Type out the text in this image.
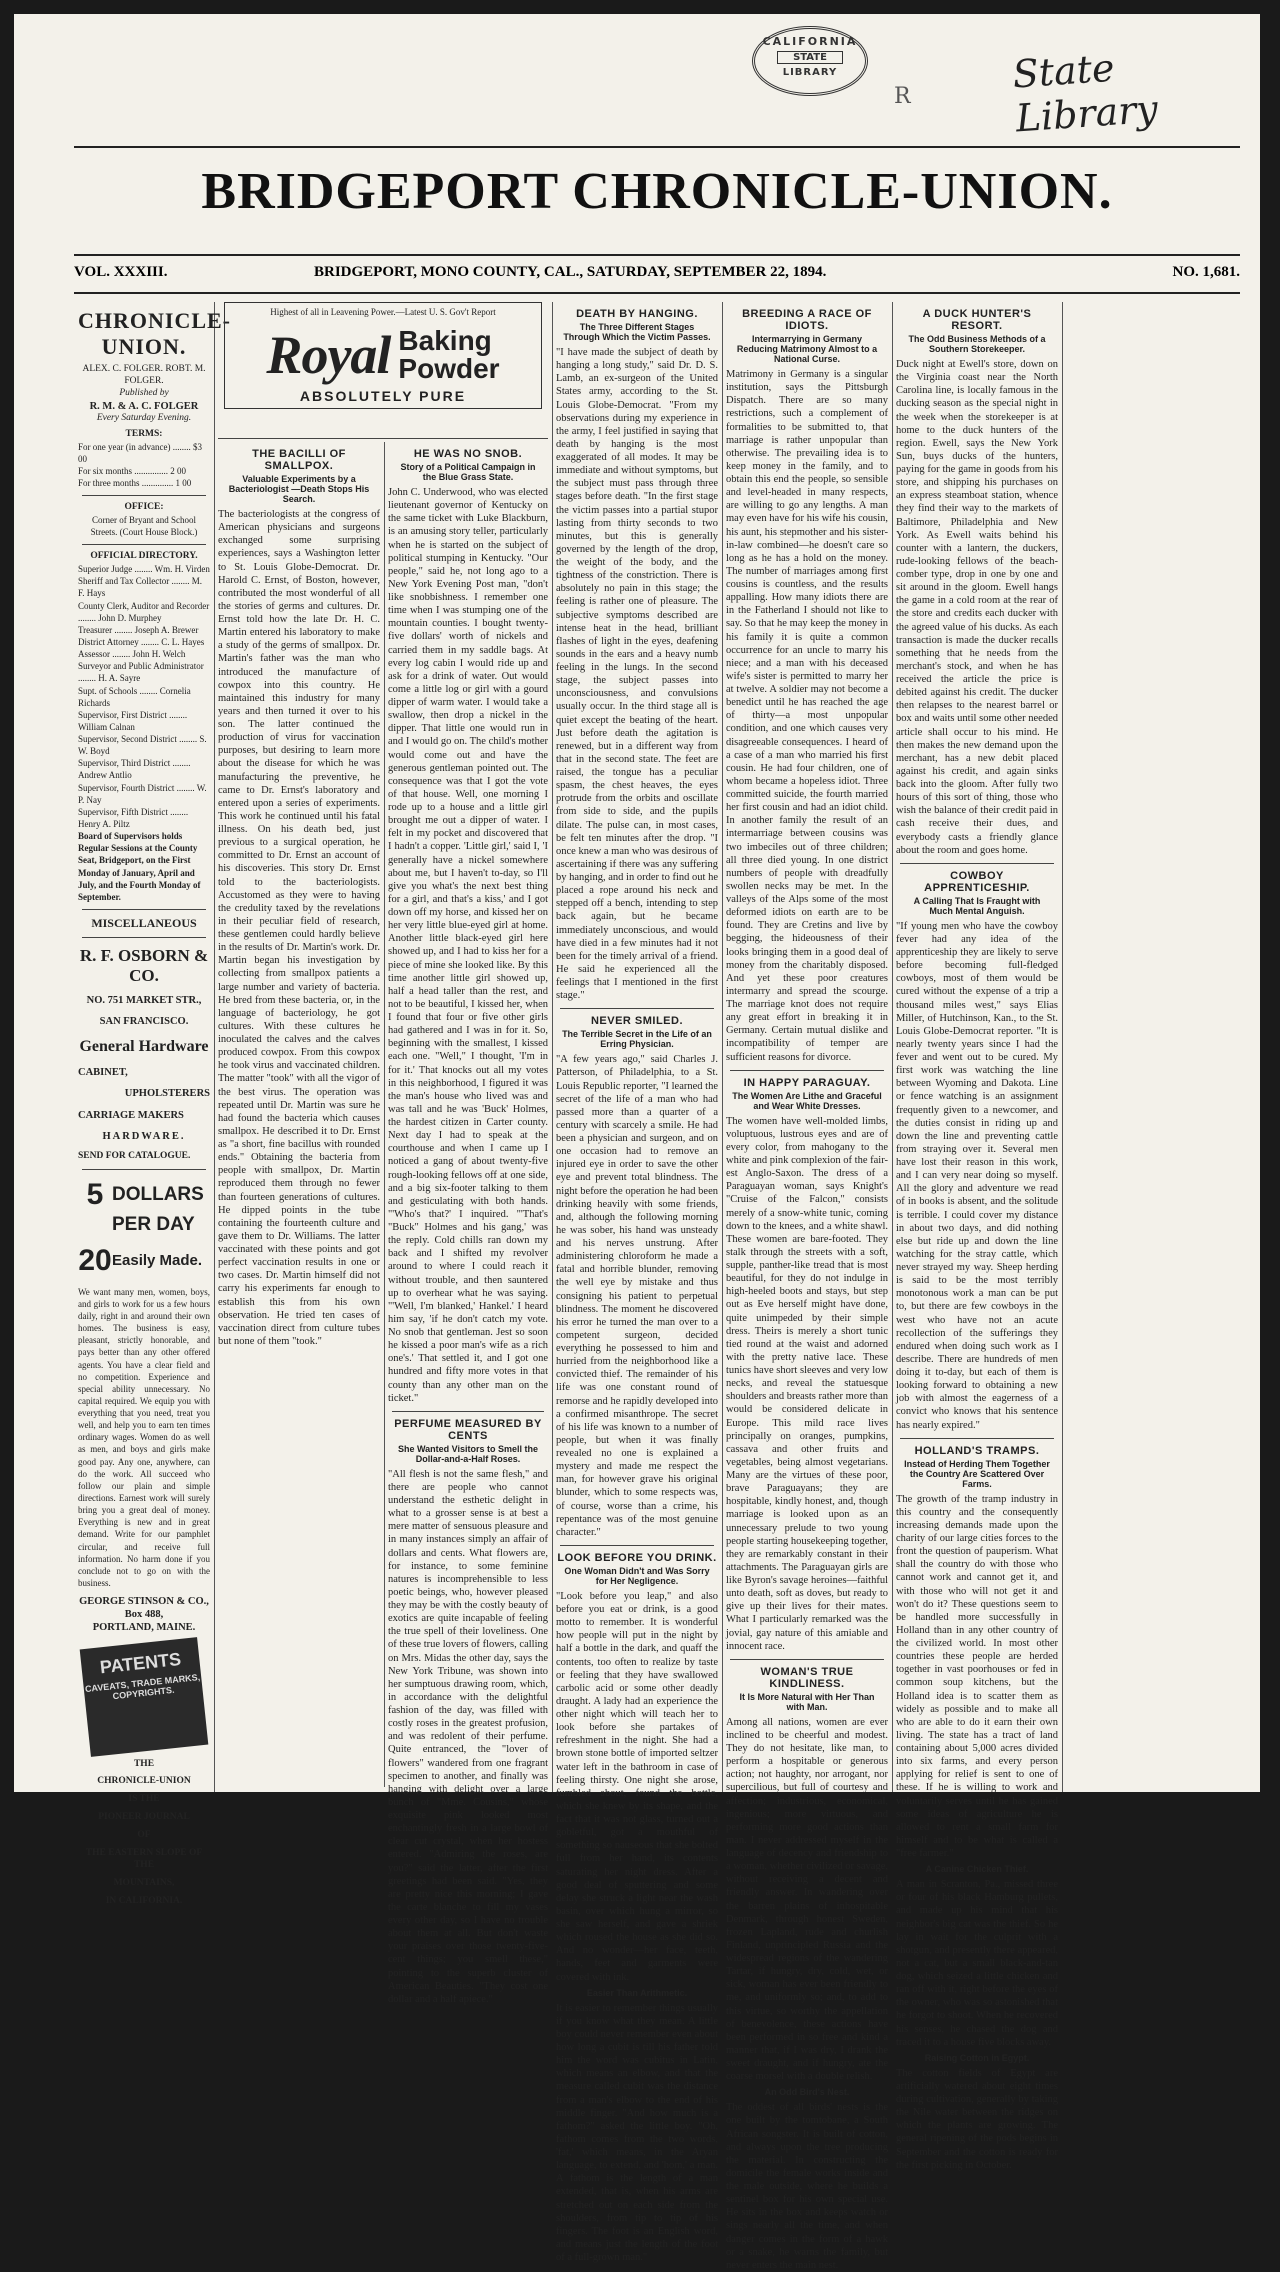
CALIFORNIA
STATE
LIBRARY
R	State Library
BRIDGEPORT CHRONICLE-UNION.
VOL. XXXIII.	BRIDGEPORT, MONO COUNTY, CAL., SATURDAY, SEPTEMBER 22, 1894.	NO. 1,681.
CHRONICLE-UNION.
ALEX. C. FOLGER. ROBT. M. FOLGER.
Published by
R. M. & A. C. FOLGER
Every Saturday Evening.
TERMS:
For one year (in advance) ........ $3 00
For six months ............... 2 00
For three months .............. 1 00
OFFICE:
Corner of Bryant and School Streets. (Court House Block.)
OFFICIAL DIRECTORY.
Superior Judge ........ Wm. H. Virden
Sheriff and Tax Collector ........ M. F. Hays
County Clerk, Auditor and Recorder ........ John D. Murphey
Treasurer ........ Joseph A. Brewer
District Attorney ........ C. L. Hayes
Assessor ........ John H. Welch
Surveyor and Public Administrator ........ H. A. Sayre
Supt. of Schools ........ Cornelia Richards
Supervisor, First District ........ William Calnan
Supervisor, Second District ........ S. W. Boyd
Supervisor, Third District ........ Andrew Antlio
Supervisor, Fourth District ........ W. P. Nay
Supervisor, Fifth District ........ Henry A. Piltz
Board of Supervisors holds Regular Sessions at the County Seat, Bridgeport, on the First Monday of January, April and July, and the Fourth Monday of September.
MISCELLANEOUS
R. F. OSBORN & CO.
NO. 751 MARKET STR.,
SAN FRANCISCO.
General Hardware
CABINET,
UPHOLSTERERS
CARRIAGE MAKERS
HARDWARE.
SEND FOR CATALOGUE.
5 DOLLARS
PER DAY
20 Easily Made.

We want many men, women, boys, and girls to work for us a few hours daily, right in and around their own homes. The business is easy, pleasant, strictly honorable, and pays better than any other offered agents. You have a clear field and no competition. Experience and special ability unnecessary. No capital required. We equip you with everything that you need, treat you well, and help you to earn ten times ordinary wages. Women do as well as men, and boys and girls make good pay. Any one, anywhere, can do the work. All succeed who follow our plain and simple directions. Earnest work will surely bring you a great deal of money. Everything is new and in great demand. Write for our pamphlet circular, and receive full information. No harm done if you conclude not to go on with the business.

GEORGE STINSON & CO.,
Box 488,
PORTLAND, MAINE.
PATENTS
CAVEATS, TRADE MARKS, COPYRIGHTS.
THE
CHRONICLE-UNION
IS THE
PIONEER JOURNAL
OF
THE EASTERN SLOPE OF THE
MOUNTAINS,
IN CALIFORNIA.
Highest of all in Leavening Power.—Latest U. S. Gov't Report
Royal Baking
Powder
ABSOLUTELY PURE
THE BACILLI OF SMALLPOX.
Valuable Experiments by a Bacteriologist —Death Stops His Search.

The bacteriologists at the congress of American physicians and surgeons exchanged some surprising experiences, says a Washington letter to St. Louis Globe-Democrat. Dr. Harold C. Ernst, of Boston, however, contributed the most wonderful of all the stories of germs and cultures. Dr. Ernst told how the late Dr. H. C. Martin entered his laboratory to make a study of the germs of smallpox. Dr. Martin's father was the man who introduced the manufacture of cowpox into this country. He maintained this industry for many years and then turned it over to his son. The latter continued the production of virus for vaccination purposes, but desiring to learn more about the disease for which he was manufacturing the preventive, he came to Dr. Ernst's laboratory and entered upon a series of experiments. This work he continued until his fatal illness. On his death bed, just previous to a surgical operation, he committed to Dr. Ernst an account of his discoveries. This story Dr. Ernst told to the bacteriologists. Accustomed as they were to having the credulity taxed by the revelations in their peculiar field of research, these gentlemen could hardly believe in the results of Dr. Martin's work. Dr. Martin began his investigation by collecting from smallpox patients a large number and variety of bacteria. He bred from these bacteria, or, in the language of bacteriology, he got cultures. With these cultures he inoculated the calves and the calves produced cowpox. From this cowpox he took virus and vaccinated children. The matter "took" with all the vigor of the best virus. The operation was repeated until Dr. Martin was sure he had found the bacteria which causes smallpox. He described it to Dr. Ernst as "a short, fine bacillus with rounded ends." Obtaining the bacteria from people with smallpox, Dr. Martin reproduced them through no fewer than fourteen generations of cultures. He dipped points in the tube containing the fourteenth culture and gave them to Dr. Williams. The latter vaccinated with these points and got perfect vaccination results in one or two cases. Dr. Martin himself did not carry his experiments far enough to establish this from his own observation. He tried ten cases of vaccination direct from culture tubes but none of them "took."

HE WAS NO SNOB.
Story of a Political Campaign in the Blue Grass State.

John C. Underwood, who was elected lieutenant governor of Kentucky on the same ticket with Luke Blackburn, is an amusing story teller, particularly when he is started on the subject of political stumping in Kentucky. "Our people," said he, not long ago to a New York Evening Post man, "don't like snobbishness. I remember one time when I was stumping one of the mountain counties. I bought twenty-five dollars' worth of nickels and carried them in my saddle bags. At every log cabin I would ride up and ask for a drink of water. Out would come a little log or girl with a gourd dipper of warm water. I would take a swallow, then drop a nickel in the dipper. That little one would run in and I would go on. The child's mother would come out and have the generous gentleman pointed out. The consequence was that I got the vote of that house. Well, one morning I rode up to a house and a little girl brought me out a dipper of water. I felt in my pocket and discovered that I hadn't a copper. 'Little girl,' said I, 'I generally have a nickel somewhere about me, but I haven't to-day, so I'll give you what's the next best thing for a girl, and that's a kiss,' and I got down off my horse, and kissed her on her very little blue-eyed girl at home. Another little black-eyed girl here showed up, and I had to kiss her for a piece of mine she looked like. By this time another little girl showed up, half a head taller than the rest, and not to be beautiful, I kissed her, when I found that four or five other girls had gathered and I was in for it. So, beginning with the smallest, I kissed each one. "Well," I thought, 'I'm in for it.' That knocks out all my votes in this neighborhood, I figured it was the man's house who lived was and was tall and he was 'Buck' Holmes, the hardest citizen in Carter county. Next day I had to speak at the courthouse and when I came up I noticed a gang of about twenty-five rough-looking fellows off at one side, and a big six-footer talking to them and gesticulating with both hands. "'Who's that?' I inquired. "'That's "Buck" Holmes and his gang,' was the reply. Cold chills ran down my back and I shifted my revolver around to where I could reach it without trouble, and then sauntered up to overhear what he was saying. "'Well, I'm blanked,' Hankel.' I heard him say, 'if he don't catch my vote. No snob that gentleman. Jest so soon he kissed a poor man's wife as a rich one's.' That settled it, and I got one hundred and fifty more votes in that county than any other man on the ticket."

PERFUME MEASURED BY CENTS
She Wanted Visitors to Smell the Dollar-and-a-Half Roses.

"All flesh is not the same flesh," and there are people who cannot understand the esthetic delight in what to a grosser sense is at best a mere matter of sensuous pleasure and in many instances simply an affair of dollars and cents. What flowers are, for instance, to some feminine natures is incomprehensible to less poetic beings, who, however pleased they may be with the costly beauty of exotics are quite incapable of feeling the true spell of their loveliness. One of these true lovers of flowers, calling on Mrs. Midas the other day, says the New York Tribune, was shown into her sumptuous drawing room, which, in accordance with the delightful fashion of the day, was filled with costly roses in the greatest profusion, and was redolent of their perfume. Quite entranced, the "lover of flowers" wandered from one fragrant specimen to another, and finally was hanging with delight over a large bunch of "Mme. Cousins," whose exquisite pink looked most enchantingly fresh in a large bowl of clear cut crystal, when her hostess entered. "Admiring the roses, are you?" said the latter, after the first greetings had been said. "Yes, they are pretty nice this morning; I gave the carte blanche to fill my vases every other day, so I have no trouble about them at all. But don't waste your praises over those twenty-five-cent things; you smell these," pointing to the superb cluster of American Beauties. "They cost one dollar and a half apiece."

DEATH BY HANGING.
The Three Different Stages Through Which the Victim Passes.

"I have made the subject of death by hanging a long study," said Dr. D. S. Lamb, an ex-surgeon of the United States army, according to the St. Louis Globe-Democrat. "From my observations during my experience in the army, I feel justified in saying that death by hanging is the most exaggerated of all modes. It may be immediate and without symptoms, but the subject must pass through three stages before death. "In the first stage the victim passes into a partial stupor lasting from thirty seconds to two minutes, but this is generally governed by the length of the drop, the weight of the body, and the tightness of the constriction. There is absolutely no pain in this stage; the feeling is rather one of pleasure. The subjective symptoms described are intense heat in the head, brilliant flashes of light in the eyes, deafening sounds in the ears and a heavy numb feeling in the lungs. In the second stage, the subject passes into unconsciousness, and convulsions usually occur. In the third stage all is quiet except the beating of the heart. Just before death the agitation is renewed, but in a different way from that in the second state. The feet are raised, the tongue has a peculiar spasm, the chest heaves, the eyes protrude from the orbits and oscillate from side to side, and the pupils dilate. The pulse can, in most cases, be felt ten minutes after the drop. "I once knew a man who was desirous of ascertaining if there was any suffering by hanging, and in order to find out he placed a rope around his neck and stepped off a bench, intending to step back again, but he became immediately unconscious, and would have died in a few minutes had it not been for the timely arrival of a friend. He said he experienced all the feelings that I mentioned in the first stage."

NEVER SMILED.
The Terrible Secret in the Life of an Erring Physician.

"A few years ago," said Charles J. Patterson, of Philadelphia, to a St. Louis Republic reporter, "I learned the secret of the life of a man who had passed more than a quarter of a century with scarcely a smile. He had been a physician and surgeon, and on one occasion had to remove an injured eye in order to save the other eye and prevent total blindness. The night before the operation he had been drinking heavily with some friends, and, although the following morning he was sober, his hand was unsteady and his nerves unstrung. After administering chloroform he made a fatal and horrible blunder, removing the well eye by mistake and thus consigning his patient to perpetual blindness. The moment he discovered his error he turned the man over to a competent surgeon, decided everything he possessed to him and hurried from the neighborhood like a convicted thief. The remainder of his life was one constant round of remorse and he rapidly developed into a confirmed misanthrope. The secret of his life was known to a number of people, but when it was finally revealed no one is explained a mystery and made me respect the man, for however grave his original blunder, which to some respects was, of course, worse than a crime, his repentance was of the most genuine character."

LOOK BEFORE YOU DRINK.
One Woman Didn't and Was Sorry for Her Negligence.

"Look before you leap," and also before you eat or drink, is a good motto to remember. It is wonderful how people will put in the night by half a bottle in the dark, and quaff the contents, too often to realize by taste or feeling that they have swallowed carbolic acid or some other deadly draught. A lady had an experience the other night which will teach her to look before she partakes of refreshment in the night. She had a brown stone bottle of imported seltzer water left in the bathroom in case of feeling thirsty. One night she arose, fumbled about, found the bottle, which she knew by its shape, and the fact that it was not glass, turned out a gobletful, got a mouthful of something so nauseous that she bolted full from her hand, its contents saturating her night dress. After a good deal of sputtering and some delay she struck a light near the wash basin, over which hung a mirror, so she saw herself, and gave a shriek which roused the house as she did so. And no wonder—her face, teeth, hands, feet and garments were covered with ink.

Easier Than Arithmetic.

It is easier to remember things usually if you know what they mean. A little boy could never remember even about how long a cubit is till his father told him the word was cubitus in Latin, which means an elbow, and that the measure called cubit was the distance from a man's elbow to the end of his middle finger. "And how much is a fathom?" asked the little boy. "Oh, fathom comes from the two words, 'fat,' which means, in the Aryan language, to extend, and 'hom,' a man. A fathom is the length of a man extended, that is, when his arms are stretched out on each side from the shoulders, from tip to tip of his fingers. The foot is an English word, and means just the length of the foot of a full-grown man."

BREEDING A RACE OF IDIOTS.
Intermarrying in Germany Reducing Matrimony Almost to a National Curse.

Matrimony in Germany is a singular institution, says the Pittsburgh Dispatch. There are so many restrictions, such a complement of formalities to be submitted to, that marriage is rather unpopular than otherwise. The prevailing idea is to keep money in the family, and to obtain this end the people, so sensible and level-headed in many respects, are willing to go any lengths. A man may even have for his wife his cousin, his aunt, his stepmother and his sister-in-law combined—he doesn't care so long as he has a hold on the money. The number of marriages among first cousins is countless, and the results appalling. How many idiots there are in the Fatherland I should not like to say. So that he may keep the money in his family it is quite a common occurrence for an uncle to marry his niece; and a man with his deceased wife's sister is permitted to marry her at twelve. A soldier may not become a benedict until he has reached the age of thirty—a most unpopular condition, and one which causes very disagreeable consequences. I heard of a case of a man who married his first cousin. He had four children, one of whom became a hopeless idiot. Three committed suicide, the fourth married her first cousin and had an idiot child. In another family the result of an intermarriage between cousins was two imbeciles out of three children; all three died young. In one district numbers of people with dreadfully swollen necks may be met. In the valleys of the Alps some of the most deformed idiots on earth are to be found. They are Cretins and live by begging, the hideousness of their looks bringing them in a good deal of money from the charitably disposed. And yet these poor creatures intermarry and spread the scourge. The marriage knot does not require any great effort in breaking it in Germany. Certain mutual dislike and incompatibility of temper are sufficient reasons for divorce.

IN HAPPY PARAGUAY.
The Women Are Lithe and Graceful and Wear White Dresses.

The women have well-molded limbs, voluptuous, lustrous eyes and are of every color, from mahogany to the white and pink complexion of the fair-est Anglo-Saxon. The dress of a Paraguayan woman, says Knight's "Cruise of the Falcon," consists merely of a snow-white tunic, coming down to the knees, and a white shawl. These women are bare-footed. They stalk through the streets with a soft, supple, panther-like tread that is most beautiful, for they do not indulge in high-heeled boots and stays, but step out as Eve herself might have done, quite unimpeded by their simple dress. Theirs is merely a short tunic tied round at the waist and adorned with the pretty native lace. These tunics have short sleeves and very low necks, and reveal the statuesque shoulders and breasts rather more than would be considered delicate in Europe. This mild race lives principally on oranges, pumpkins, cassava and other fruits and vegetables, being almost vegetarians. Many are the virtues of these poor, brave Paraguayans; they are hospitable, kindly honest, and, though marriage is looked upon as an unnecessary prelude to two young people starting housekeeping together, they are remarkably constant in their attachments. The Paraguayan girls are like Byron's savage heroines—faithful unto death, soft as doves, but ready to give up their lives for their mates. What I particularly remarked was the jovial, gay nature of this amiable and innocent race.

WOMAN'S TRUE KINDLINESS.
It Is More Natural with Her Than with Man.

Among all nations, women are ever inclined to be cheerful and modest. They do not hesitate, like man, to perform a hospitable or generous action; not haughty, nor arrogant, nor supercilious, but full of courtesy and affection; industrious, economical, ingenious; more virtuous, and performing more good actions than man. I never addressed myself in the language of decency and friendship to a woman, whether civilized or savage, without receiving a decent and friendly answer. In wandering over the barren plains of inhospitable Denmark, through honest Sweden, frozen Lapland, rude and churlish Finland, unprincipled Russia and the widespread regions of the wandering Tartar, if hungry, dry, cold, wet, or sick, woman has ever been friendly to me, and uniformly so; and, to add to this virtue, so worthy the appellation of benevolence, these actions have been performed in so free and kind a manner that, if I was dry, I drank the sweet draught, and if hungry, ate the coarse morsel with a double relish.

An Odd Bird's Nest.

The oddest of all birds' nests is the one built by the tomtobane, a South African songster. It is built of cotton, and always upon the tree producing the material. In constructing the domicile the female works inside and the male outside, where he builds a sentinel box for his own special use. He sits in the box and keeps watch or sings nearly all the time, and when danger comes in the form of a hawk or a snake, he warns the family, but never enters the main nest.

A DUCK HUNTER'S RESORT.
The Odd Business Methods of a Southern Storekeeper.

Duck night at Ewell's store, down on the Virginia coast near the North Carolina line, is locally famous in the ducking season as the special night in the week when the storekeeper is at home to the duck hunters of the region. Ewell, says the New York Sun, buys ducks of the hunters, paying for the game in goods from his store, and shipping his purchases on an express steamboat station, whence they find their way to the markets of Baltimore, Philadelphia and New York. As Ewell waits behind his counter with a lantern, the duckers, rude-looking fellows of the beach-comber type, drop in one by one and sit around in the gloom. Ewell hangs the game in a cold room at the rear of the store and credits each ducker with the agreed value of his ducks. As each transaction is made the ducker recalls something that he needs from the merchant's stock, and when he has received the article the price is debited against his credit. The ducker then relapses to the nearest barrel or box and waits until some other needed article shall occur to his mind. He then makes the new demand upon the merchant, has a new debit placed against his credit, and again sinks back into the gloom. After fully two hours of this sort of thing, those who wish the balance of their credit paid in cash receive their dues, and everybody casts a friendly glance about the room and goes home.

COWBOY APPRENTICESHIP.
A Calling That Is Fraught with Much Mental Anguish.

"If young men who have the cowboy fever had any idea of the apprenticeship they are likely to serve before becoming full-fledged cowboys, most of them would be cured without the expense of a trip a thousand miles west," says Elias Miller, of Hutchinson, Kan., to the St. Louis Globe-Democrat reporter. "It is nearly twenty years since I had the fever and went out to be cured. My first work was watching the line between Wyoming and Dakota. Line or fence watching is an assignment frequently given to a newcomer, and the duties consist in riding up and down the line and preventing cattle from straying over it. Several men have lost their reason in this work, and I can very near doing so myself. All the glory and adventure we read of in books is absent, and the solitude is terrible. I could cover my distance in about two days, and did nothing else but ride up and down the line watching for the stray cattle, which never strayed my way. Sheep herding is said to be the most terribly monotonous work a man can be put to, but there are few cowboys in the west who have not an acute recollection of the sufferings they endured when doing such work as I describe. There are hundreds of men doing it to-day, but each of them is looking forward to obtaining a new job with almost the eagerness of a convict who knows that his sentence has nearly expired."

HOLLAND'S TRAMPS.
Instead of Herding Them Together the Country Are Scattered Over Farms.

The growth of the tramp industry in this country and the consequently increasing demands made upon the charity of our large cities forces to the front the question of pauperism. What shall the country do with those who cannot work and cannot get it, and with those who will not get it and won't do it? These questions seem to be handled more successfully in Holland than in any other country of the civilized world. In most other countries these people are herded together in vast poorhouses or fed in common soup kitchens, but the Holland idea is to scatter them as widely as possible and to make all who are able to do it earn their own living. The state has a tract of land containing about 5,000 acres divided into six farms, and every person applying for relief is sent to one of these. If he is willing to work and voluntarily serves until he has gained some ideas of agriculture he is allowed to rent a small farm for himself and to be what is called a "free farmer."

A Canine Chicken Thief.

A man in Scranton, Pa., missed three or four of his black Hamburg pullets, and made up his mind that his neighbor's big cat was the thief. So he lay in wait for the culprit with a shotgun, and presently there appeared, not a cat, but a small black-and-tan dog, which seized a little chicken and ran off with it, right before the eyes of the owner, who was so astonished that he forgot to shoot. When he recovered his senses, he chased the dog and traced it to a house five blocks away.

Raising Cotton in Egypt.

The cotton fields of Egypt are artificially watered about eight times during cultivation, generally by taking the Nile water between the ridges on which the plants are growing. The general ripening of the pods begins in September and the cotton is ready for the first picking in October.
